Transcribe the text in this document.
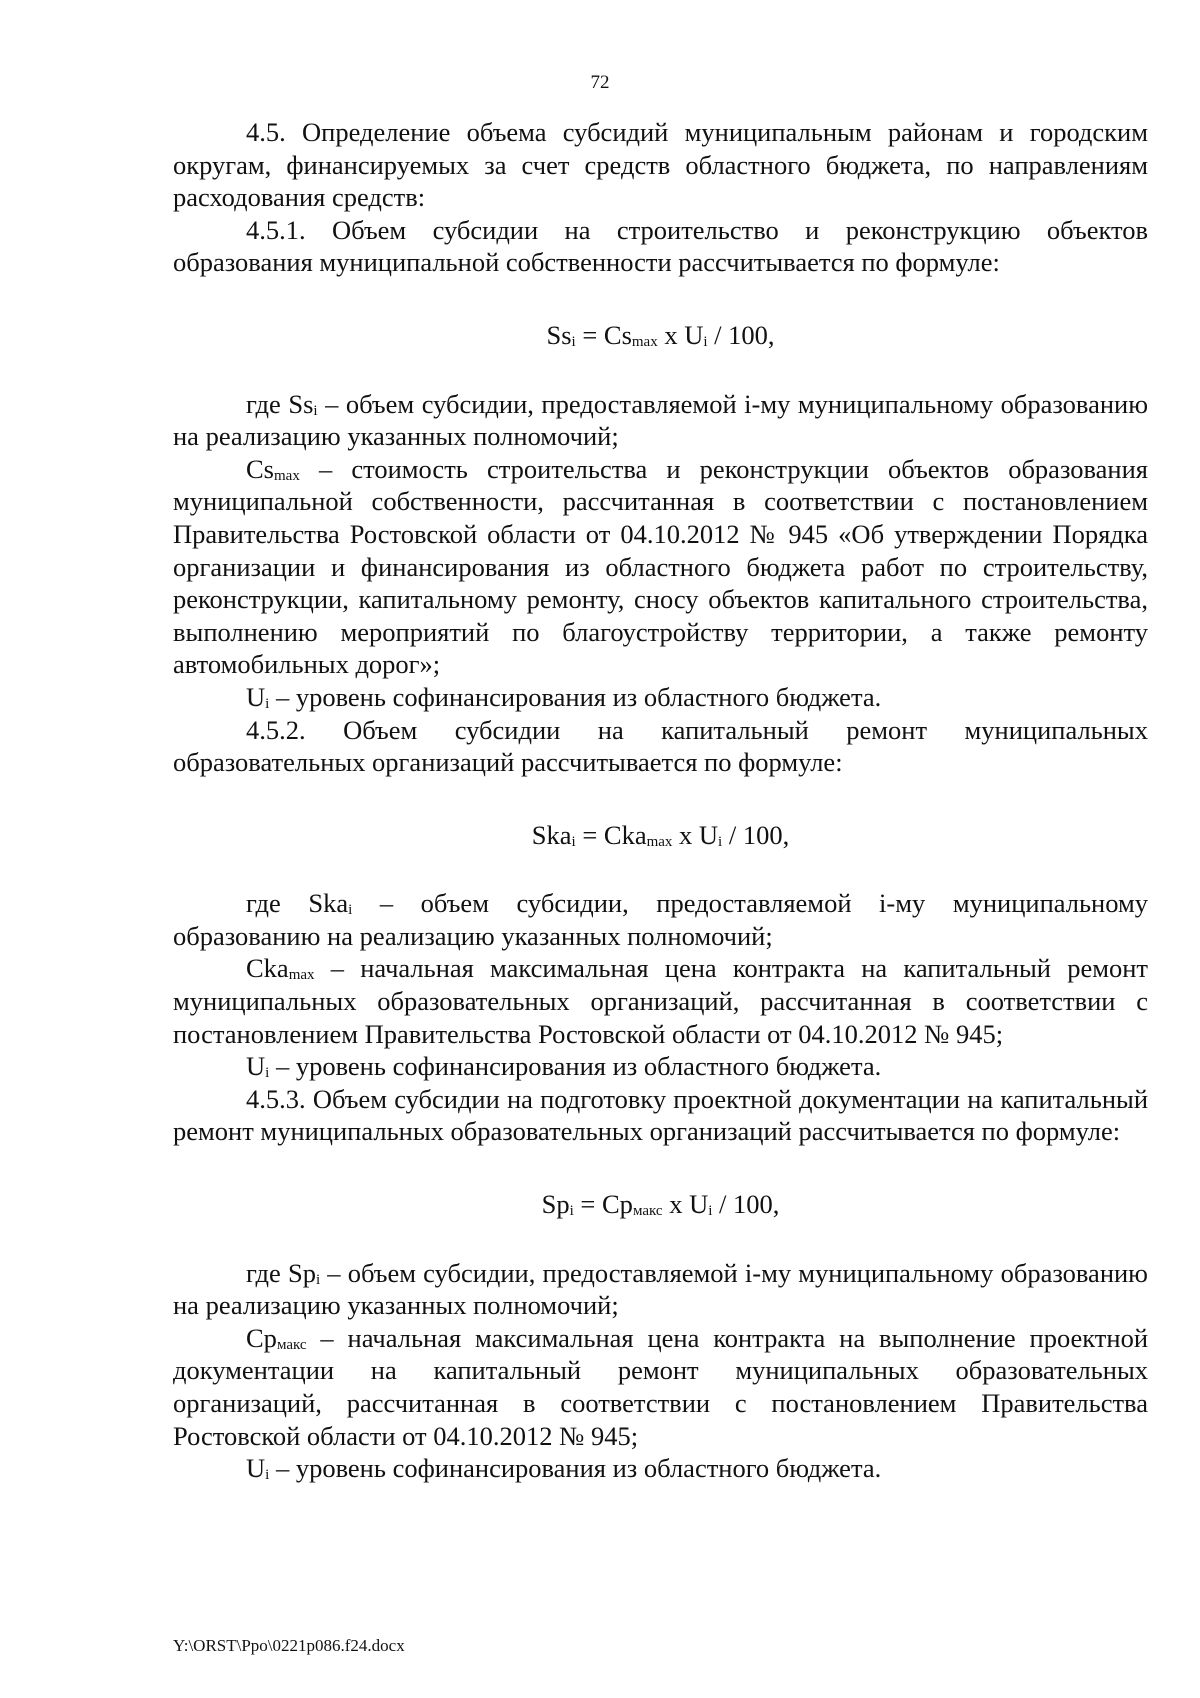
72

4.5. Определение объема субсидий муниципальным районам и городским округам, финансируемых за счет средств областного бюджета, по направлениям расходования средств:

4.5.1. Объем субсидии на строительство и реконструкцию объектов образования муниципальной собственности рассчитывается по формуле:

$Ss_i = Cs_{max}$ x $U_i / 100$,

где $Ss_i$ – объем субсидии, предоставляемой i-му муниципальному образованию на реализацию указанных полномочий;

$Cs_{max}$ – стоимость строительства и реконструкции объектов образования муниципальной собственности, рассчитанная в соответствии с постановлением Правительства Ростовской области от 04.10.2012 № 945 «Об утверждении Порядка организации и финансирования из областного бюджета работ по строительству, реконструкции, капитальному ремонту, сносу объектов капитального строительства, выполнению мероприятий по благоустройству территории, а также ремонту автомобильных дорог»;

$U_i$ – уровень софинансирования из областного бюджета.

4.5.2. Объем субсидии на капитальный ремонт муниципальных образовательных организаций рассчитывается по формуле:

Ska$_i$ = Cka$_{max}$ x $U_i / 100$,

где Ska$_i$ – объем субсидии, предоставляемой i-му муниципальному образованию на реализацию указанных полномочий;

Cka$_{max}$ – начальная максимальная цена контракта на капитальный ремонт муниципальных образовательных организаций, рассчитанная в соответствии с постановлением Правительства Ростовской области от 04.10.2012 № 945;

$U_i$ – уровень софинансирования из областного бюджета.

4.5.3. Объем субсидии на подготовку проектной документации на капитальный ремонт муниципальных образовательных организаций рассчитывается по формуле:

$Sp_i = Cp_{макс}$ x $U_i / 100$,

где $Sp_i$ – объем субсидии, предоставляемой i-му муниципальному образованию на реализацию указанных полномочий;

$Cp_{макс}$ – начальная максимальная цена контракта на выполнение проектной документации на капитальный ремонт муниципальных образовательных организаций, рассчитанная в соответствии с постановлением Правительства Ростовской области от 04.10.2012 № 945;

$U_i$ – уровень софинансирования из областного бюджета.

Y:\ORST\Ppo\0221p086.f24.docx
